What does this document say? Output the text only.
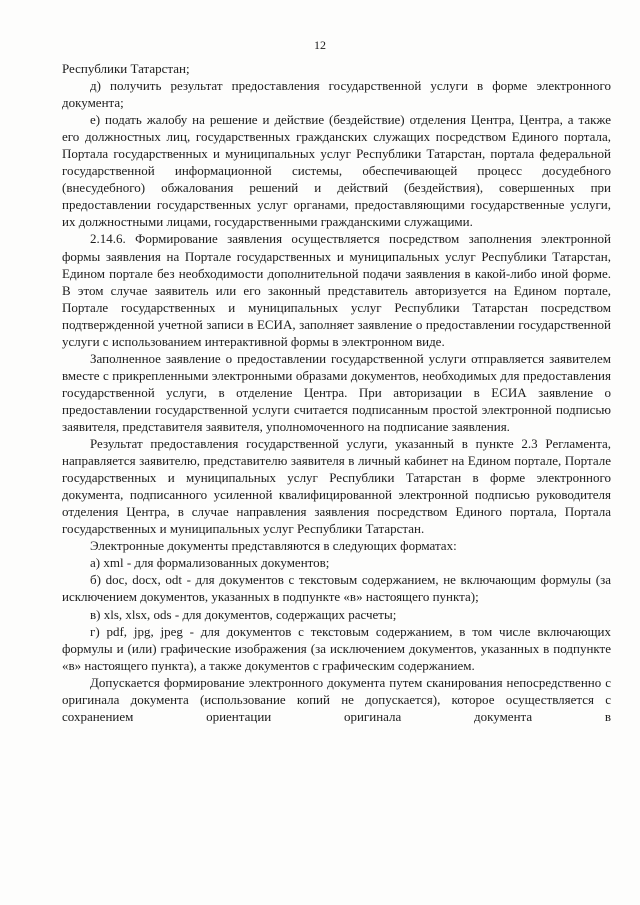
12

Республики Татарстан;

д) получить результат предоставления государственной услуги в форме электронного документа;

е) подать жалобу на решение и действие (бездействие) отделения Центра, Центра, а также его должностных лиц, государственных гражданских служащих посредством Единого портала, Портала государственных и муниципальных услуг Республики Татарстан, портала федеральной государственной информационной системы, обеспечивающей процесс досудебного (внесудебного) обжалования решений и действий (бездействия), совершенных при предоставлении государственных услуг органами, предоставляющими государственные услуги, их должностными лицами, государственными гражданскими служащими.

2.14.6. Формирование заявления осуществляется посредством заполнения электронной формы заявления на Портале государственных и муниципальных услуг Республики Татарстан, Едином портале без необходимости дополнительной подачи заявления в какой-либо иной форме. В этом случае заявитель или его законный представитель авторизуется на Едином портале, Портале государственных и муниципальных услуг Республики Татарстан посредством подтвержденной учетной записи в ЕСИА, заполняет заявление о предоставлении государственной услуги с использованием интерактивной формы в электронном виде.

Заполненное заявление о предоставлении государственной услуги отправляется заявителем вместе с прикрепленными электронными образами документов, необходимых для предоставления государственной услуги, в отделение Центра. При авторизации в ЕСИА заявление о предоставлении государственной услуги считается подписанным простой электронной подписью заявителя, представителя заявителя, уполномоченного на подписание заявления.

Результат предоставления государственной услуги, указанный в пункте 2.3 Регламента, направляется заявителю, представителю заявителя в личный кабинет на Едином портале, Портале государственных и муниципальных услуг Республики Татарстан в форме электронного документа, подписанного усиленной квалифицированной электронной подписью руководителя отделения Центра, в случае направления заявления посредством Единого портала, Портала государственных и муниципальных услуг Республики Татарстан.

Электронные документы представляются в следующих форматах:

а) xml - для формализованных документов;

б) doc, docx, odt - для документов с текстовым содержанием, не включающим формулы (за исключением документов, указанных в подпункте «в» настоящего пункта);

в) xls, xlsx, ods - для документов, содержащих расчеты;

г) pdf, jpg, jpeg - для документов с текстовым содержанием, в том числе включающих формулы и (или) графические изображения (за исключением документов, указанных в подпункте «в» настоящего пункта), а также документов с графическим содержанием.

Допускается формирование электронного документа путем сканирования непосредственно с оригинала документа (использование копий не допускается), которое осуществляется с сохранением ориентации оригинала документа в
